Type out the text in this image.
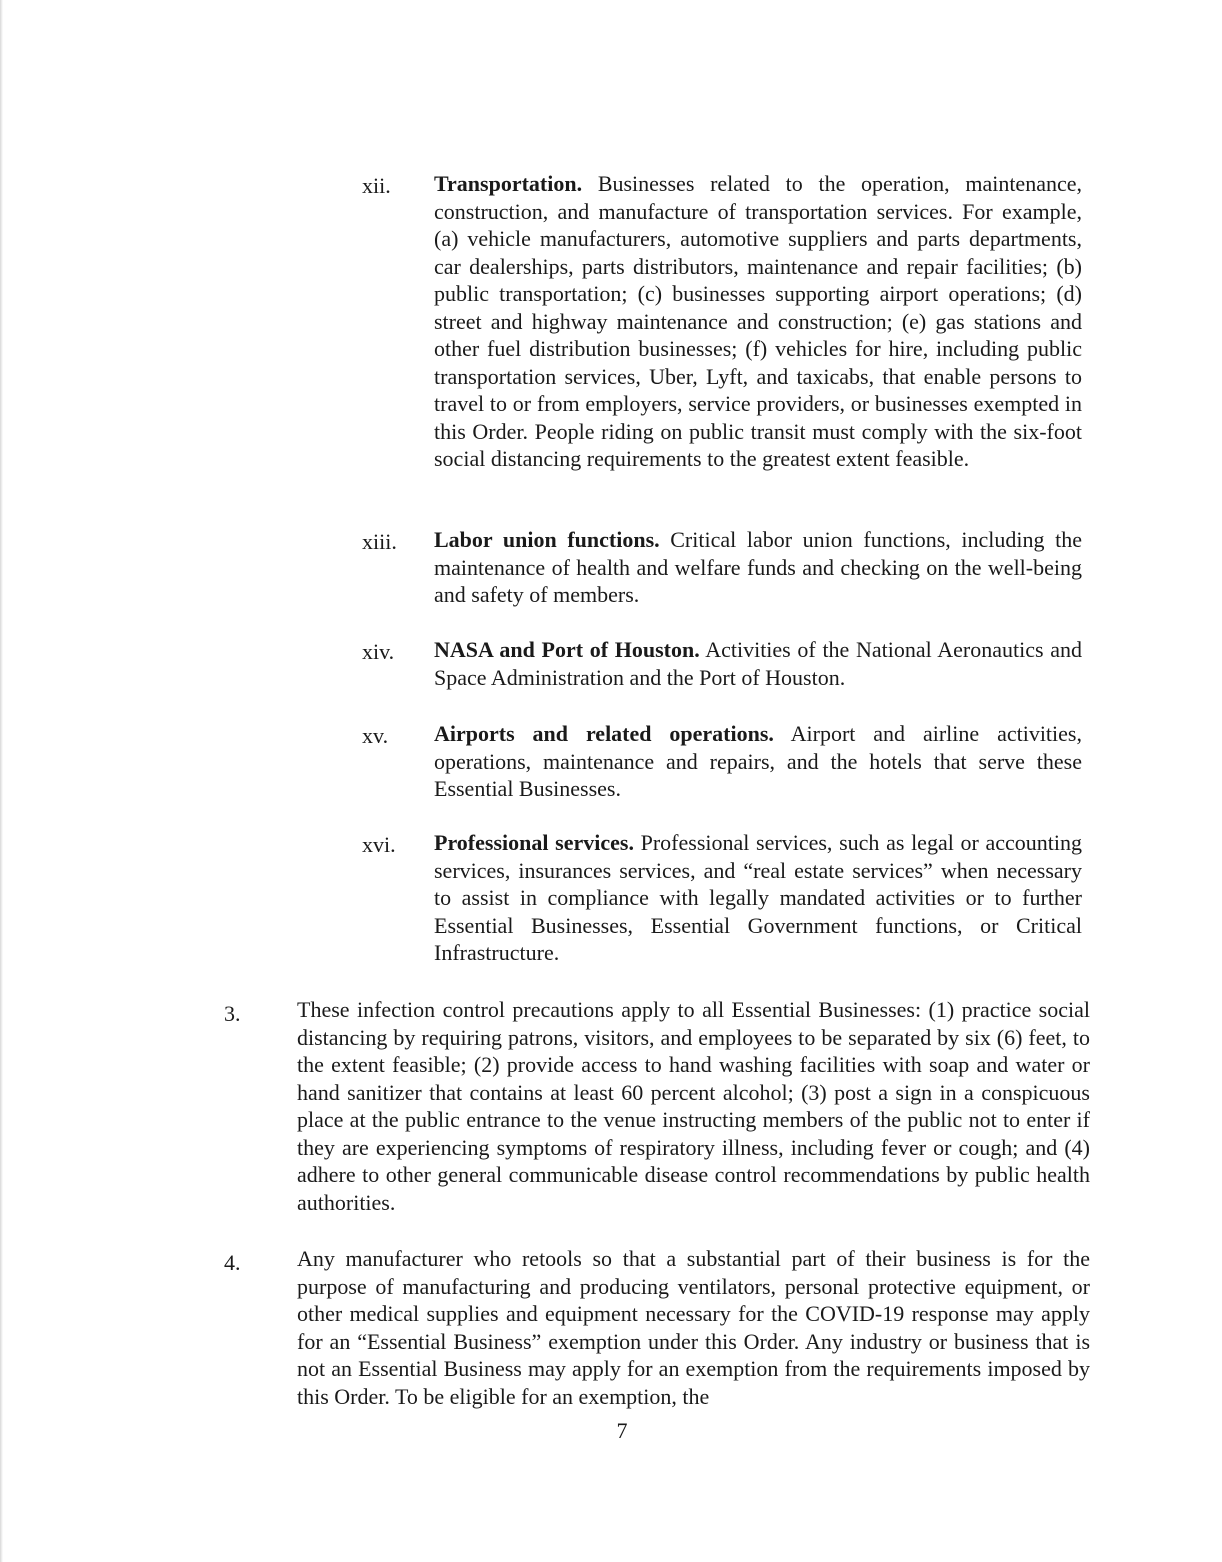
xii. Transportation. Businesses related to the operation, maintenance, construction, and manufacture of transportation services. For example, (a) vehicle manufacturers, automotive suppliers and parts departments, car dealerships, parts distributors, maintenance and repair facilities; (b) public transportation; (c) businesses supporting airport operations; (d) street and highway maintenance and construction; (e) gas stations and other fuel distribution businesses; (f) vehicles for hire, including public transportation services, Uber, Lyft, and taxicabs, that enable persons to travel to or from employers, service providers, or businesses exempted in this Order. People riding on public transit must comply with the six-foot social distancing requirements to the greatest extent feasible.
xiii. Labor union functions. Critical labor union functions, including the maintenance of health and welfare funds and checking on the well-being and safety of members.
xiv. NASA and Port of Houston. Activities of the National Aeronautics and Space Administration and the Port of Houston.
xv. Airports and related operations. Airport and airline activities, operations, maintenance and repairs, and the hotels that serve these Essential Businesses.
xvi. Professional services. Professional services, such as legal or accounting services, insurances services, and “real estate services” when necessary to assist in compliance with legally mandated activities or to further Essential Businesses, Essential Government functions, or Critical Infrastructure.
3.	These infection control precautions apply to all Essential Businesses: (1) practice social distancing by requiring patrons, visitors, and employees to be separated by six (6) feet, to the extent feasible; (2) provide access to hand washing facilities with soap and water or hand sanitizer that contains at least 60 percent alcohol; (3) post a sign in a conspicuous place at the public entrance to the venue instructing members of the public not to enter if they are experiencing symptoms of respiratory illness, including fever or cough; and (4) adhere to other general communicable disease control recommendations by public health authorities.
4.	Any manufacturer who retools so that a substantial part of their business is for the purpose of manufacturing and producing ventilators, personal protective equipment, or other medical supplies and equipment necessary for the COVID-19 response may apply for an “Essential Business” exemption under this Order. Any industry or business that is not an Essential Business may apply for an exemption from the requirements imposed by this Order. To be eligible for an exemption, the
7
